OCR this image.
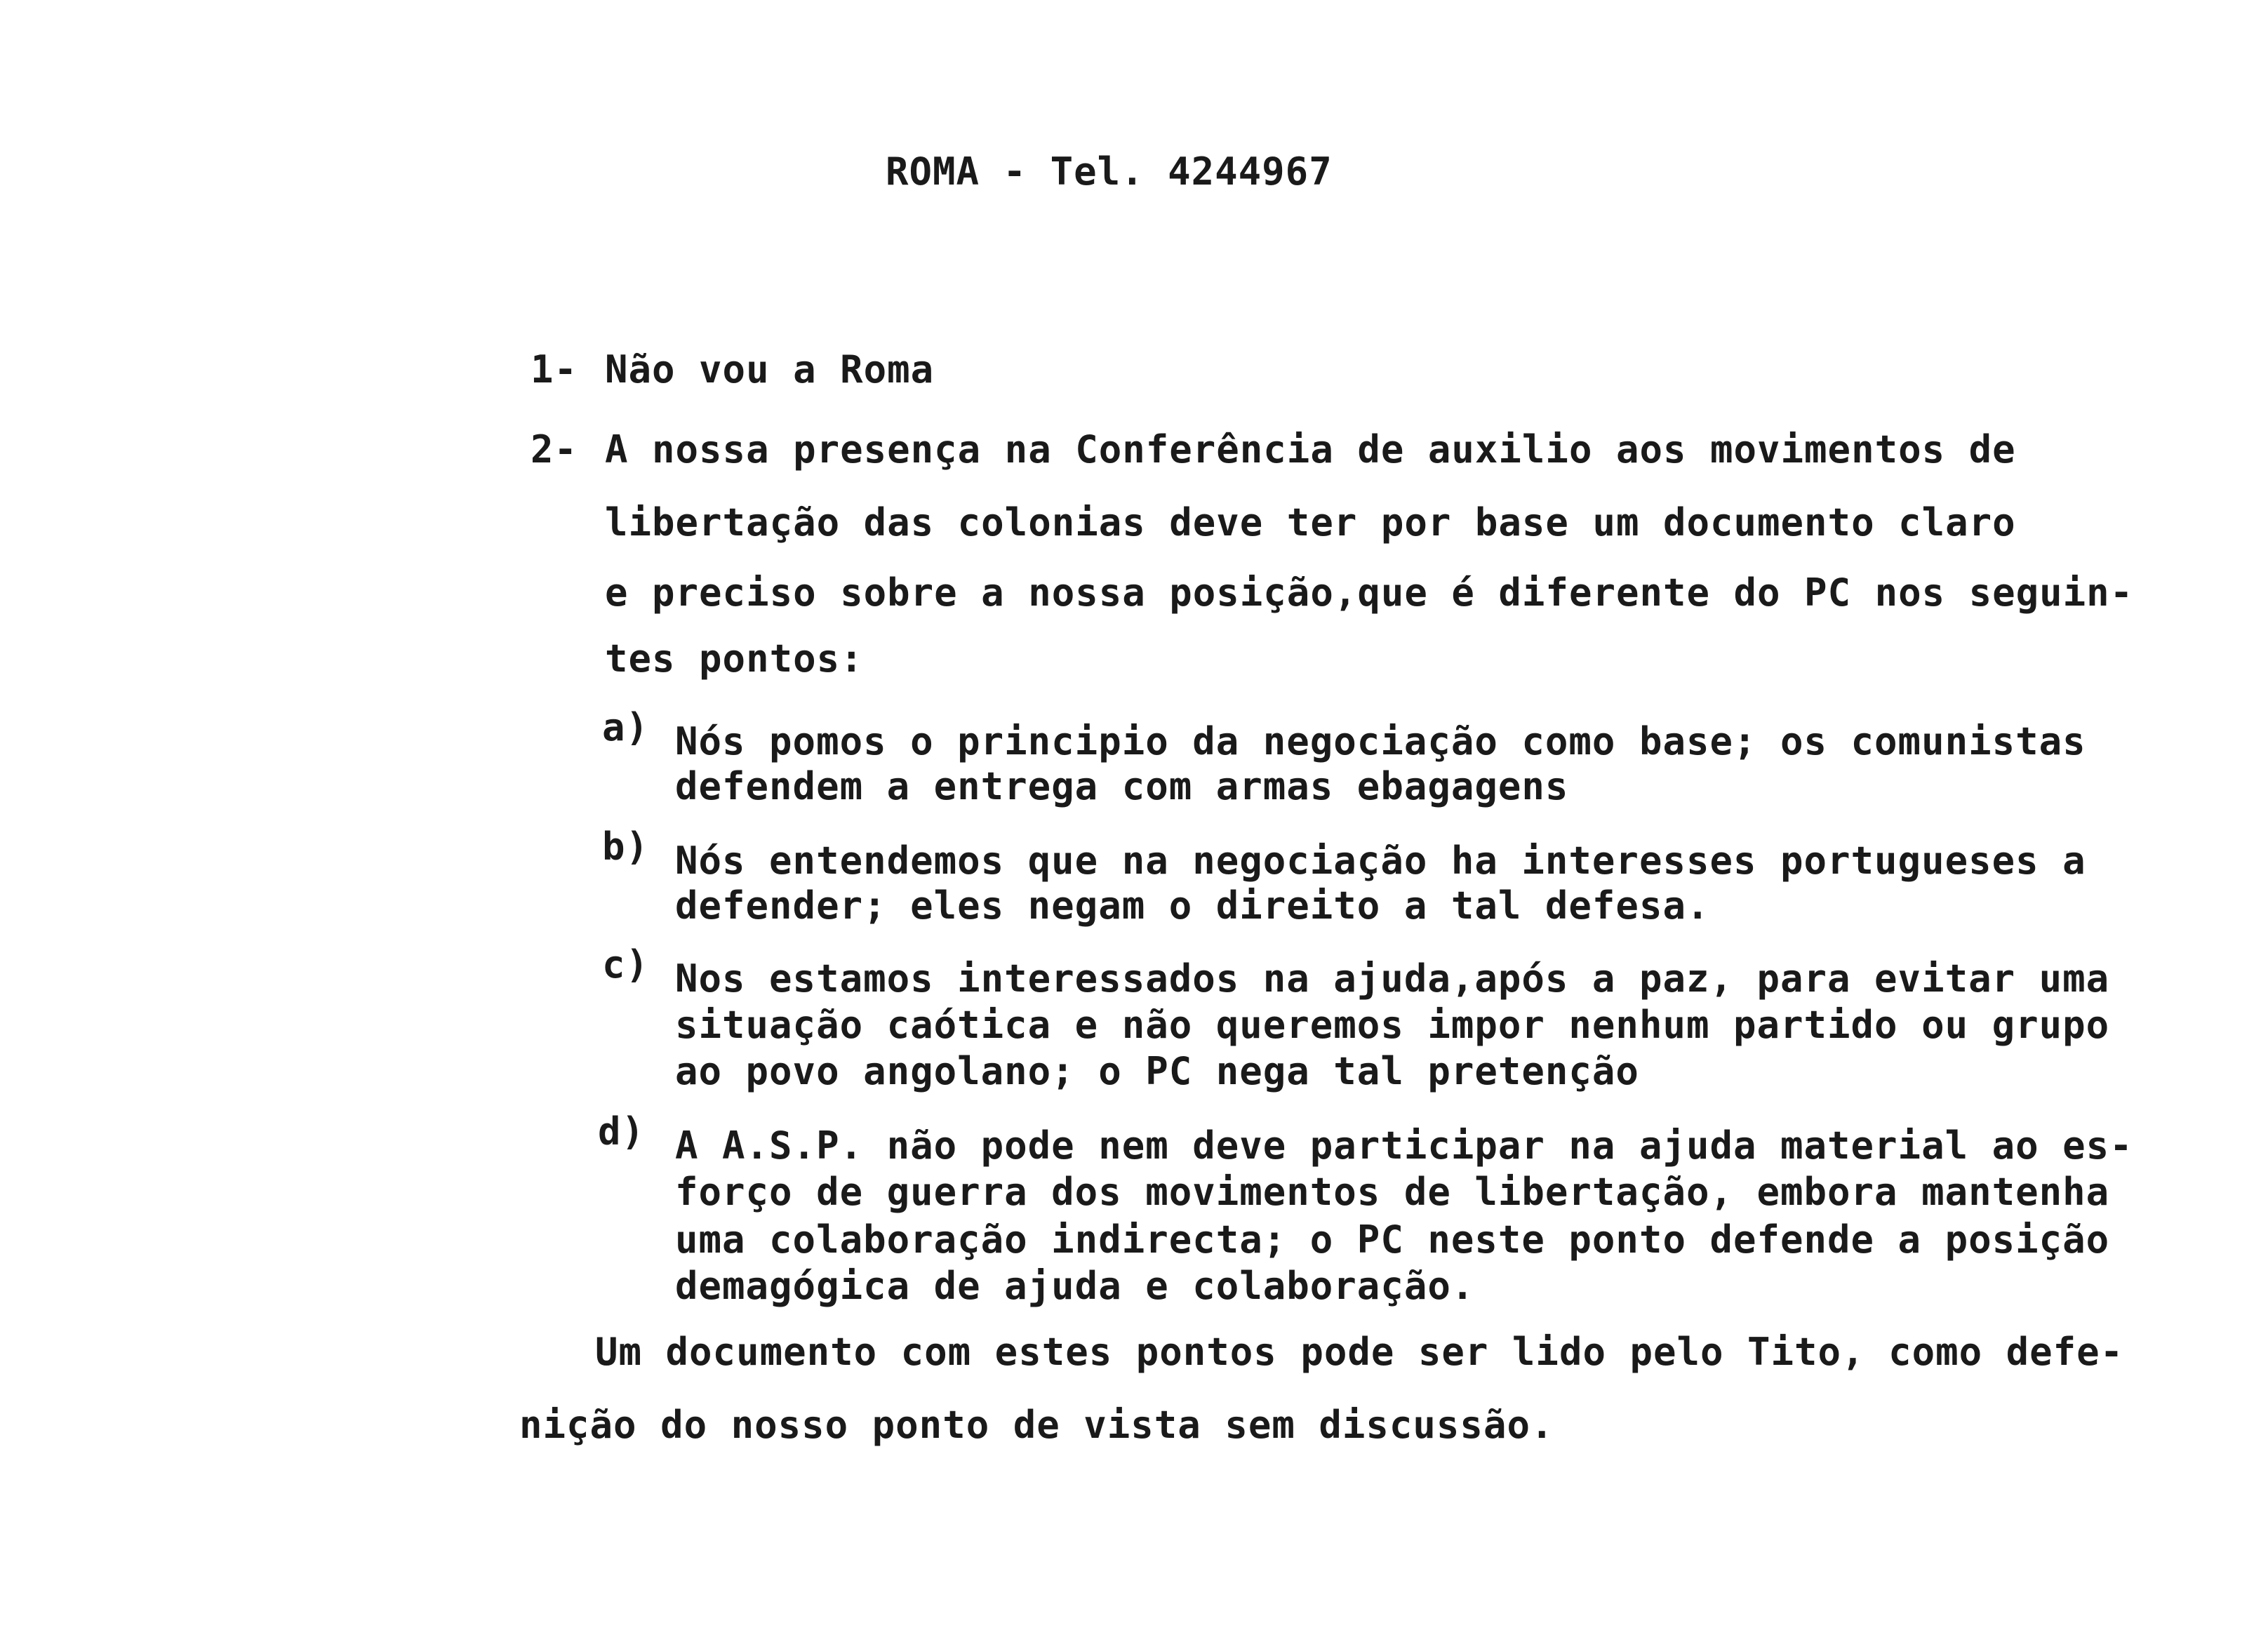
ROMA - Tel. 4244967
1- Não vou a Roma
2- A nossa presença na Conferência de auxilio aos movimentos de
libertação das colonias deve ter por base um documento claro
e preciso sobre a nossa posição,que é diferente do PC nos seguin-
tes pontos:
a) Nós pomos o principio da negociação como base; os comunistas
defendem a entrega com armas ebagagens
b) Nós entendemos que na negociação ha interesses portugueses a
defender; eles negam o direito a tal defesa.
c) Nos estamos interessados na ajuda,após a paz, para evitar uma
situação caótica e não queremos impor nenhum partido ou grupo
ao povo angolano; o PC nega tal pretenção
d) A A.S.P. não pode nem deve participar na ajuda material ao es-
forço de guerra dos movimentos de libertação, embora mantenha
uma colaboração indirecta; o PC neste ponto defende a posição
demagógica de ajuda e colaboração.
Um documento com estes pontos pode ser lido pelo Tito, como defe-
nição do nosso ponto de vista sem discussão.
